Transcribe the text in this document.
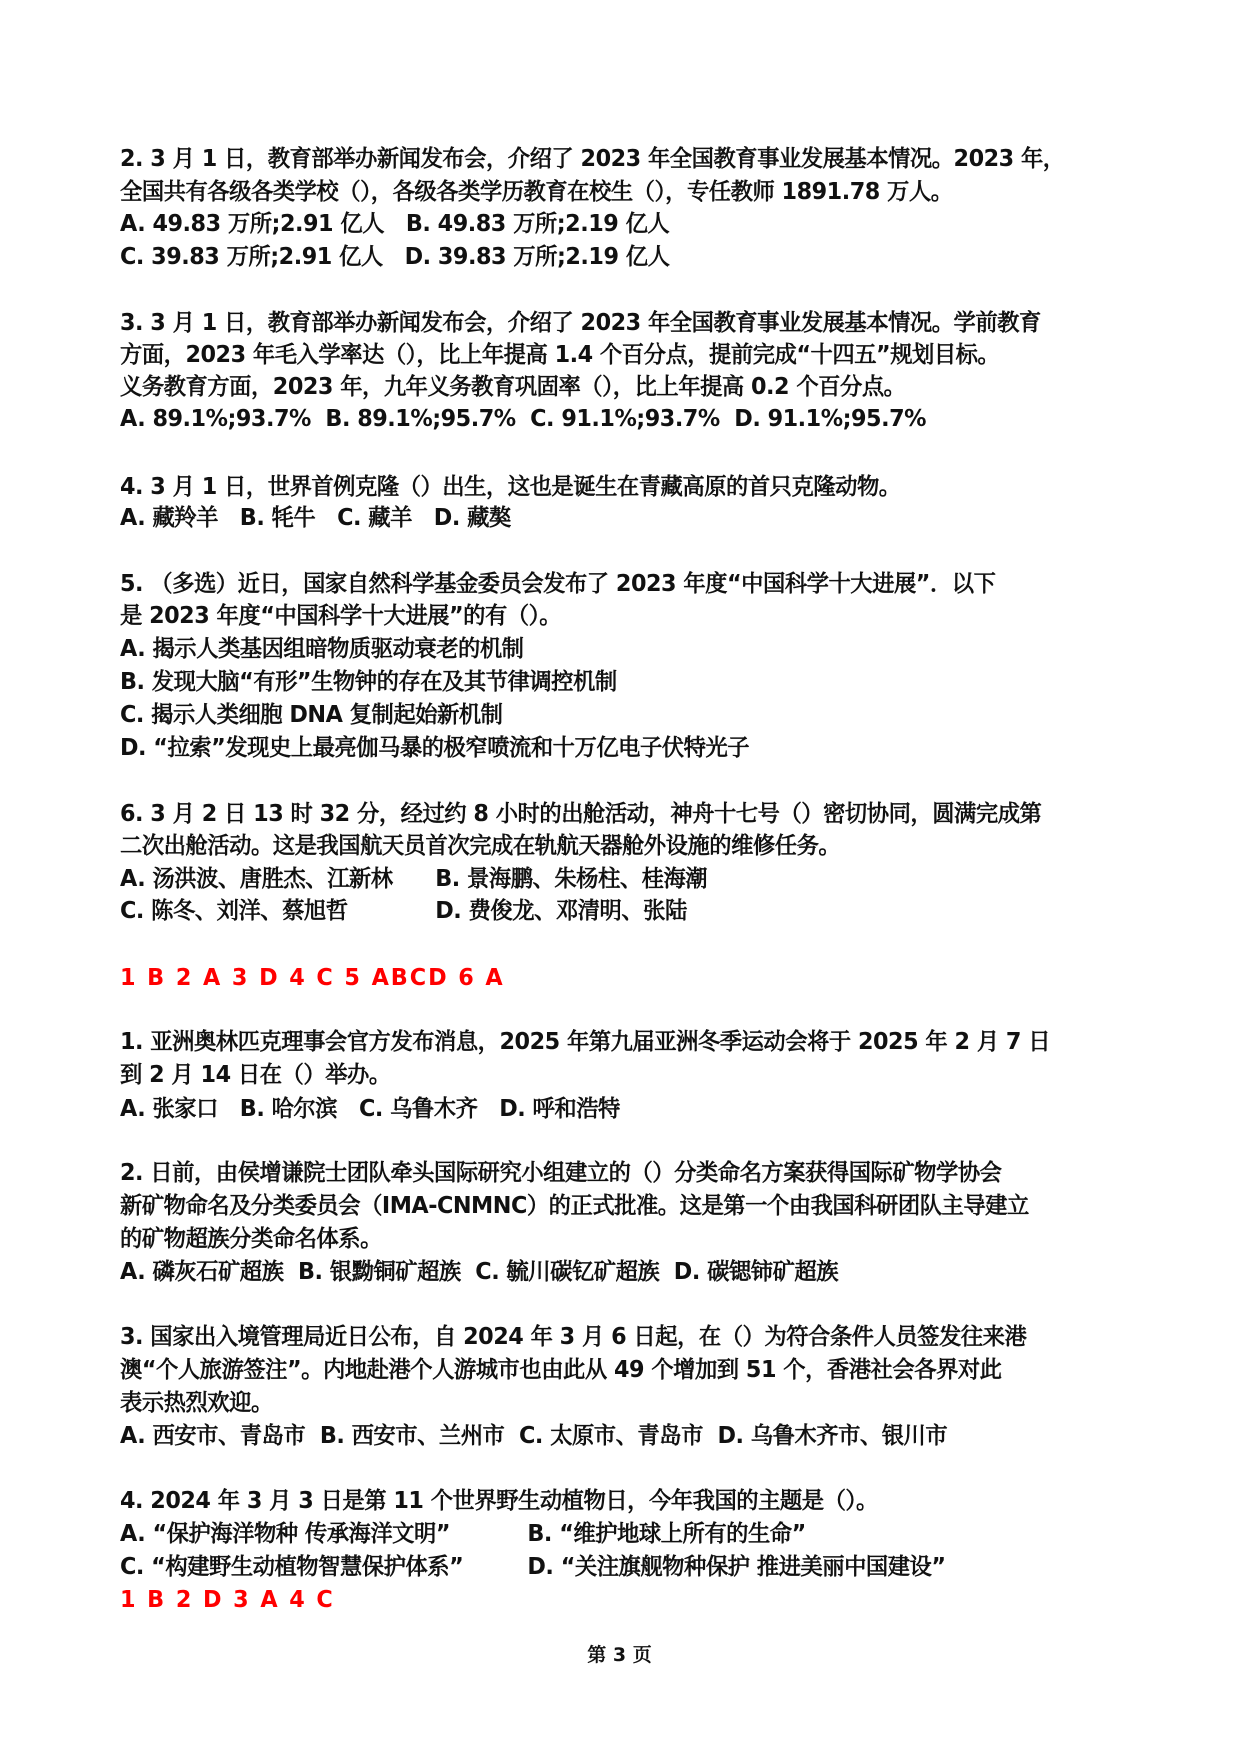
2. 3 月 1 日，教育部举办新闻发布会，介绍了 2023 年全国教育事业发展基本情况。2023 年，
全国共有各级各类学校（），各级各类学历教育在校生（），专任教师 1891.78 万人。
A. 49.83 万所;2.91 亿人 B. 49.83 万所;2.19 亿人
C. 39.83 万所;2.91 亿人 D. 39.83 万所;2.19 亿人
3. 3 月 1 日，教育部举办新闻发布会，介绍了 2023 年全国教育事业发展基本情况。学前教育
方面，2023 年毛入学率达（），比上年提高 1.4 个百分点，提前完成“十四五”规划目标。
义务教育方面，2023 年，九年义务教育巩固率（），比上年提高 0.2 个百分点。
A. 89.1%;93.7% B. 89.1%;95.7% C. 91.1%;93.7% D. 91.1%;95.7%
4. 3 月 1 日，世界首例克隆（）出生，这也是诞生在青藏高原的首只克隆动物。
A. 藏羚羊 B. 牦牛 C. 藏羊 D. 藏獒
5. （多选）近日，国家自然科学基金委员会发布了 2023 年度“中国科学十大进展”．以下
是 2023 年度“中国科学十大进展”的有（）。
A. 揭示人类基因组暗物质驱动衰老的机制
B. 发现大脑“有形”生物钟的存在及其节律调控机制
C. 揭示人类细胞 DNA 复制起始新机制
D. “拉索”发现史上最亮伽马暴的极窄喷流和十万亿电子伏特光子
6. 3 月 2 日 13 时 32 分，经过约 8 小时的出舱活动，神舟十七号（）密切协同，圆满完成第
二次出舱活动。这是我国航天员首次完成在轨航天器舱外设施的维修任务。
A. 汤洪波、唐胜杰、江新林 B. 景海鹏、朱杨柱、桂海潮
C. 陈冬、刘洋、蔡旭哲	D. 费俊龙、邓清明、张陆
1 B 2 A 3 D 4 C 5 ABCD 6 A
1. 亚洲奥林匹克理事会官方发布消息，2025 年第九届亚洲冬季运动会将于 2025 年 2 月 7 日
到 2 月 14 日在（）举办。
A. 张家口 B. 哈尔滨 C. 乌鲁木齐 D. 呼和浩特
2. 日前，由侯增谦院士团队牵头国际研究小组建立的（）分类命名方案获得国际矿物学协会
新矿物命名及分类委员会（IMA-CNMNC）的正式批准。这是第一个由我国科研团队主导建立
的矿物超族分类命名体系。
A. 磷灰石矿超族 B. 银黝铜矿超族 C. 毓川碳钇矿超族 D. 碳锶铈矿超族
3. 国家出入境管理局近日公布，自 2024 年 3 月 6 日起，在（）为符合条件人员签发往来港
澳“个人旅游签注”。内地赴港个人游城市也由此从 49 个增加到 51 个，香港社会各界对此
表示热烈欢迎。
A. 西安市、青岛市 B. 西安市、兰州市 C. 太原市、青岛市 D. 乌鲁木齐市、银川市
4. 2024 年 3 月 3 日是第 11 个世界野生动植物日，今年我国的主题是（）。
A. “保护海洋物种 传承海洋文明”	B. “维护地球上所有的生命”
C. “构建野生动植物智慧保护体系”	D. “关注旗舰物种保护 推进美丽中国建设”
1 B 2 D 3 A 4 C
第 3 页
